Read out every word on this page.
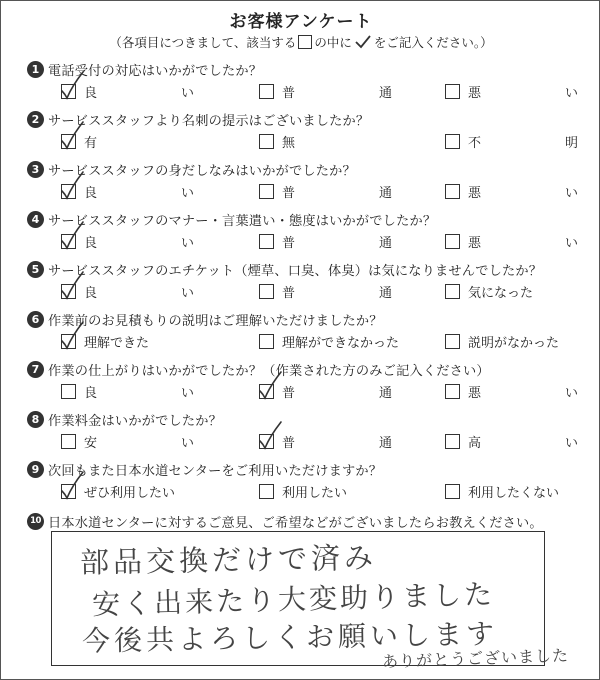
お客様アンケート
（各項目につきまして、該当する の中に をご記入ください。）
1 電話受付の対応はいかがでしたか？
良い	普通	悪い
2 サービススタッフより名刺の提示はございましたか？
有	無	不明
3 サービススタッフの身だしなみはいかがでしたか？
良い	普通	悪い
4 サービススタッフのマナー・言葉遣い・態度はいかがでしたか？
良い	普通	悪い
5 サービススタッフのエチケット（煙草、口臭、体臭）は気になりませんでしたか？
良い	普通	気になった
6 作業前のお見積もりの説明はご理解いただけましたか？
理解できた	理解ができなかった	説明がなかった
7 作業の仕上がりはいかがでしたか？（作業された方のみご記入ください）
良い	普通	悪い
8 作業料金はいかがでしたか？
安い	普通	高い
9 次回もまた日本水道センターをご利用いただけますか？
ぜひ利用したい	利用したい	利用したくない
10 日本水道センターに対するご意見、ご希望などがございましたらお教えください。
部品交換だけで済み
安く出来たり大変助りました
今後共よろしくお願いします
ありがとうございました
